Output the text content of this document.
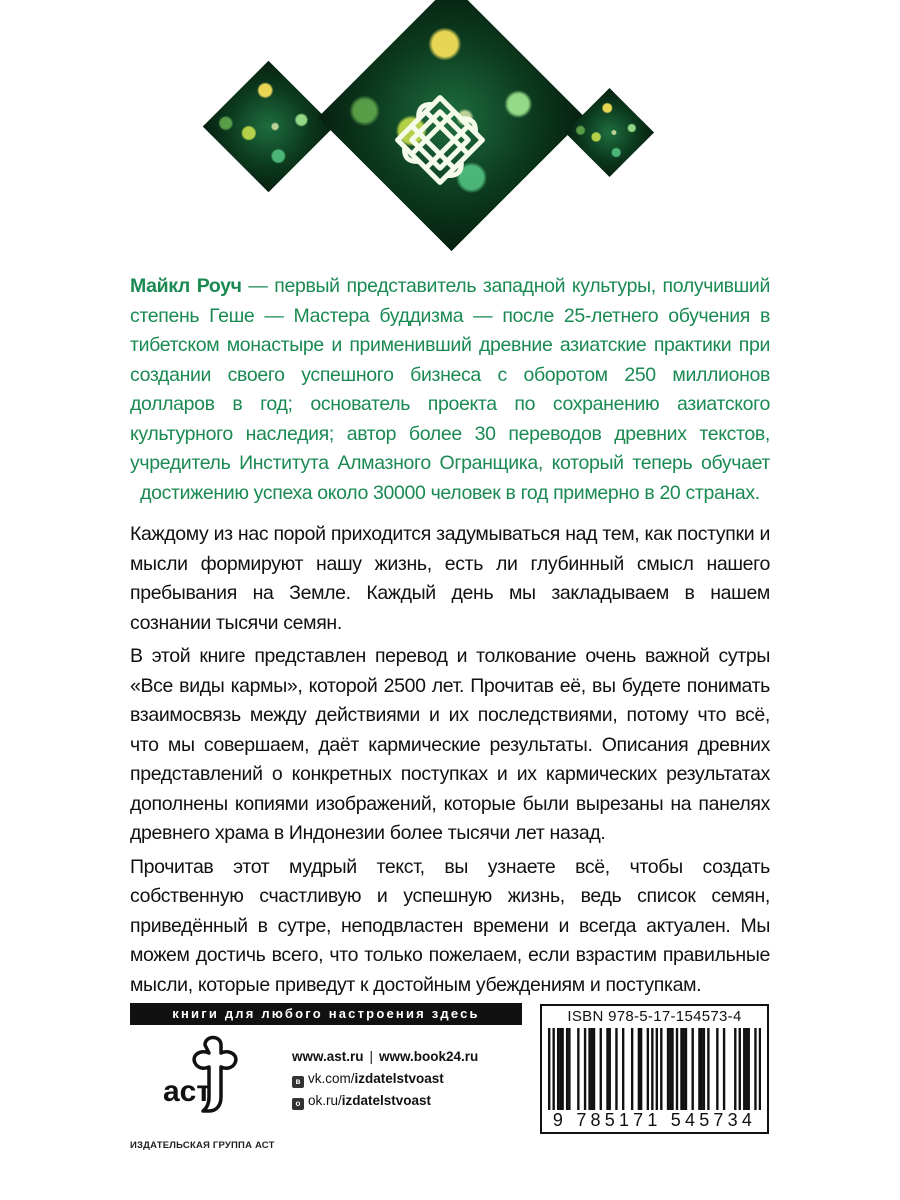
Майкл Роуч — первый представитель западной культуры, получивший степень Геше — Мастера буддизма — после 25-летнего обучения в тибетском монастыре и применивший древние азиатские практики при создании своего успешного бизнеса с оборотом 250 миллионов долларов в год; основатель проекта по сохранению азиатского культурного наследия; автор более 30 переводов древних текстов, учредитель Института Алмазного Огранщика, который теперь обучает достижению успеха около 30000 человек в год примерно в 20 странах.

Каждому из нас порой приходится задумываться над тем, как поступки и мысли формируют нашу жизнь, есть ли глубинный смысл нашего пребывания на Земле. Каждый день мы закладываем в нашем сознании тысячи семян.

В этой книге представлен перевод и толкование очень важной сутры «Все виды кармы», которой 2500 лет. Прочитав её, вы будете понимать взаимосвязь между действиями и их последствиями, потому что всё, что мы совершаем, даёт кармические результаты. Описания древних представлений о конкретных поступках и их кармических результатах дополнены копиями изображений, которые были вырезаны на панелях древнего храма в Индонезии более тысячи лет назад.

Прочитав этот мудрый текст, вы узнаете всё, чтобы создать собственную счастливую и успешную жизнь, ведь список семян, приведённый в сутре, неподвластен времени и всегда актуален. Мы можем достичь всего, что только пожелаем, если взрастим правильные мысли, которые приведут к достойным убеждениям и поступкам.

книги для любого настроения здесь
аст
ИЗДАТЕЛЬСКАЯ ГРУППА АСТ
www.ast.ru | www.book24.ru
в vk.com/izdatelstvoast
о ok.ru/izdatelstvoast
ISBN 978-5-17-154573-4
9 785171 545734
